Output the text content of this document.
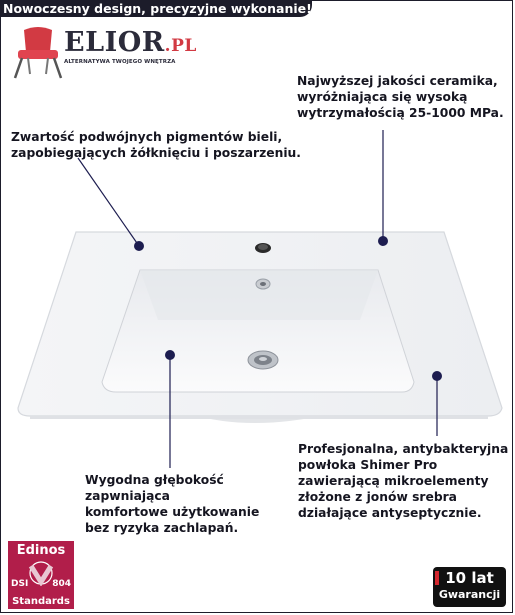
Nowoczesny design, precyzyjne wykonanie!
ELIOR.PL
ALTERNATYWA TWOJEGO WNĘTRZA
Zwartość podwójnych pigmentów bieli,
zapobiegających żółknięciu i poszarzeniu.
Najwyższej jakości ceramika,
wyróżniająca się wysoką
wytrzymałością 25-1000 MPa.
Profesjonalna, antybakteryjna
powłoka Shimer Pro
zawierającą mikroelementy
złożone z jonów srebra
działające antyseptycznie.
Wygodna głębokość
zapwniająca
komfortowe użytkowanie
bez ryzyka zachlapań.
Edinos
DSI	804
Standards
10 lat
Gwarancji
